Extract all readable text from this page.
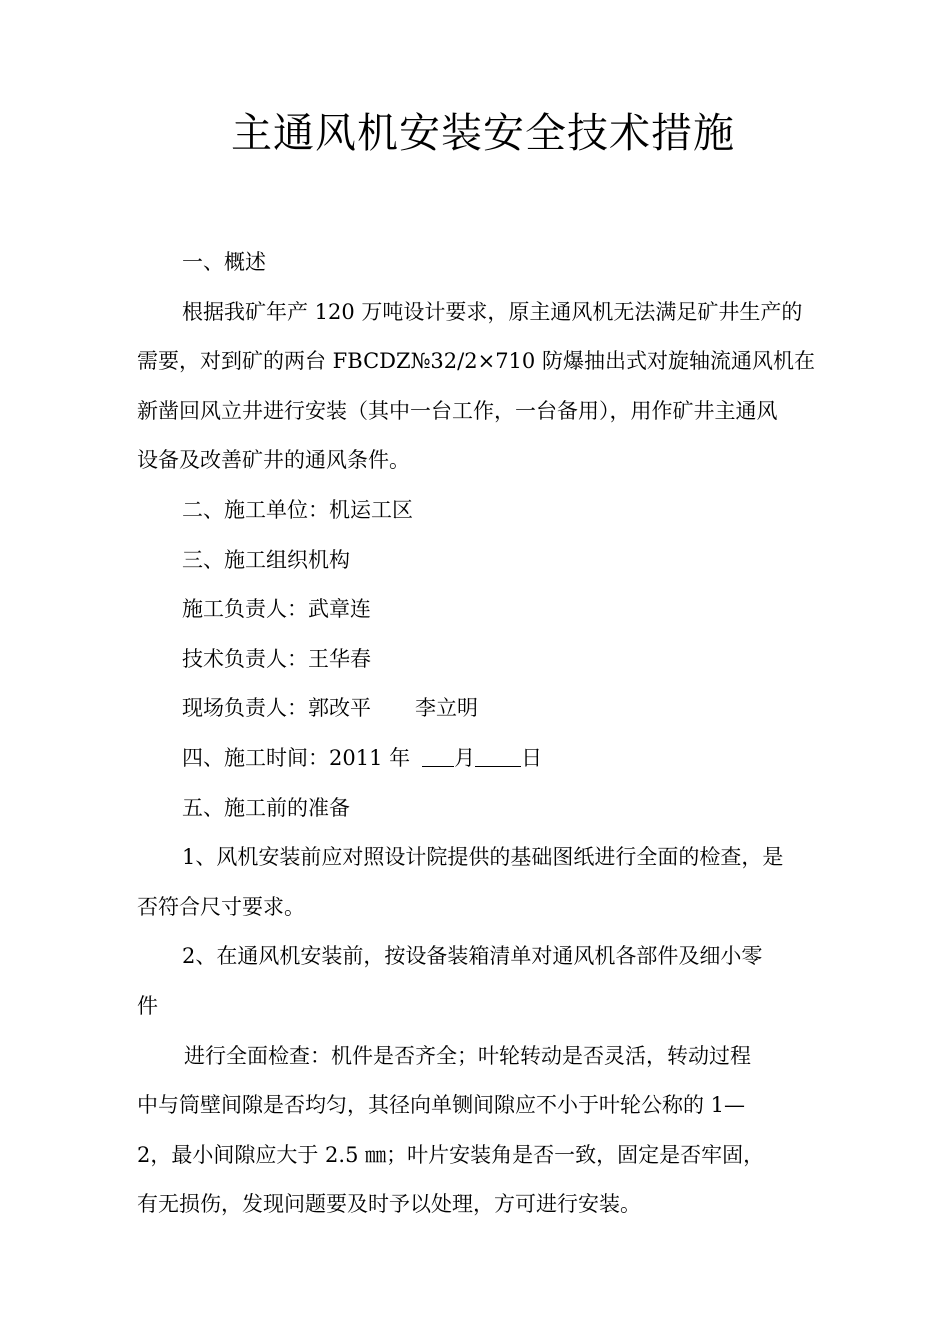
主通风机安装安全技术措施

一、概述

根据我矿年产 120 万吨设计要求，原主通风机无法满足矿井生产的

需要，对到矿的两台 FBCDZ№32/2×710 防爆抽出式对旋轴流通风机在

新凿回风立井进行安装（其中一台工作，一台备用），用作矿井主通风

设备及改善矿井的通风条件。

二、施工单位：机运工区

三、施工组织机构

施工负责人：武章连

技术负责人：王华春

现场负责人：郭改平 李立明

四、施工时间：2011 年 月 日

五、施工前的准备

1、风机安装前应对照设计院提供的基础图纸进行全面的检查，是

否符合尺寸要求。

2、在通风机安装前，按设备装箱清单对通风机各部件及细小零

件

进行全面检查：机件是否齐全；叶轮转动是否灵活，转动过程

中与筒壁间隙是否均匀，其径向单铡间隙应不小于叶轮公称的 1—

2，最小间隙应大于 2.5 ㎜；叶片安装角是否一致，固定是否牢固，

有无损伤，发现问题要及时予以处理，方可进行安装。
